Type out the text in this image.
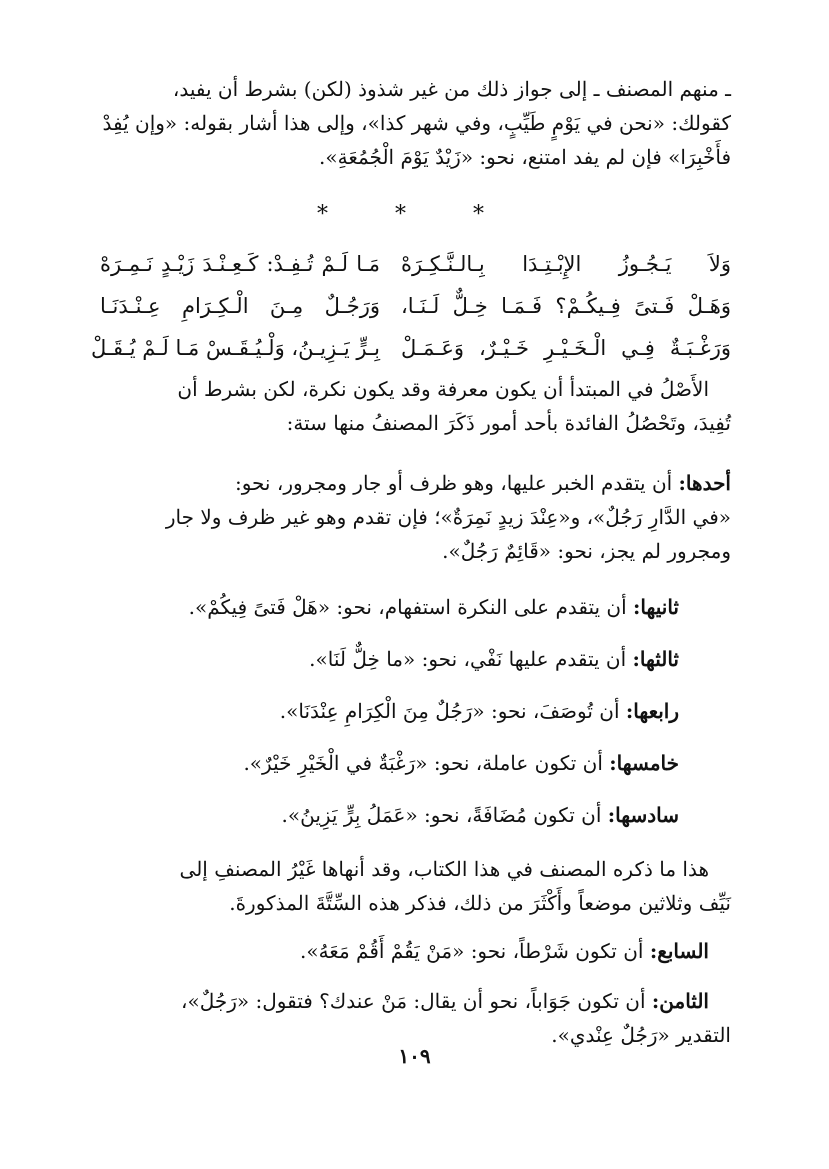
ـ منهم المصنف ـ إلى جواز ذلك من غير شذوذ (لكن) بشرط أن يفيد،
كقولك: «نحن في يَوْمٍ طَيِّبٍ، وفي شهر كذا»، وإلى هذا أشار بقوله: «وإن يُفِدْ
فأَخْبِرَا» فإن لم يفد امتنع، نحو: «زَيْدٌ يَوْمَ الْجُمُعَةِ».
* * *
وَلاَ يَـجُـوزُ الإِبْـتِـدَا بِـالـنَّـكِـرَهْ
مَـا لَـمْ تُـفِـدْ: كَـعِـنْـدَ زَيْـدٍ نَـمِـرَهْ
وَهَـلْ فَـتىً فِـيكُـمْ؟ فَـمَـا خِـلٌّ لَـنَـا،
وَرَجُـلٌ مِـنَ الْـكِـرَامِ عِـنْـدَنَـا
وَرَغْـبَـةٌ فِـي الْـخَـيْـرِ خَـيْـرٌ، وَعَـمَـلْ
بِـرٍّ يَـزِيـنُ، وَلْـيُـقَـسْ مَـا لَـمْ يُـقَـلْ
الأَصْلُ في المبتدأ أن يكون معرفة وقد يكون نكرة، لكن بشرط أن
تُفِيدَ، وتَحْصُلُ الفائدة بأحد أمور ذَكَرَ المصنفُ منها ستة:
أحدها: أن يتقدم الخبر عليها، وهو ظرف أو جار ومجرور، نحو:
«في الدَّارِ رَجُلٌ»، و«عِنْدَ زيدٍ نَمِرَةٌ»؛ فإن تقدم وهو غير ظرف ولا جار
ومجرور لم يجز، نحو: «قَائِمٌ رَجُلٌ».
ثانيها: أن يتقدم على النكرة استفهام، نحو: «هَلْ فَتىً فِيكُمْ».
ثالثها: أن يتقدم عليها نَفْي، نحو: «ما خِلٌّ لَنَا».
رابعها: أن تُوصَفَ، نحو: «رَجُلٌ مِنَ الْكِرَامِ عِنْدَنَا».
خامسها: أن تكون عاملة، نحو: «رَغْبَةٌ في الْخَيْرِ خَيْرٌ».
سادسها: أن تكون مُضَافَةً، نحو: «عَمَلُ بِرٍّ يَزِينُ».
هذا ما ذكره المصنف في هذا الكتاب، وقد أنهاها غَيْرُ المصنفِ إلى
نَيِّف وثلاثين موضعاً وأَكْثَرَ من ذلك، فذكر هذه السِّتَّةَ المذكورةَ.
السابع: أن تكون شَرْطاً، نحو: «مَنْ يَقُمْ أَقُمْ مَعَهُ».
الثامن: أن تكون جَوَاباً، نحو أن يقال: مَنْ عندك؟ فتقول: «رَجُلٌ»،
التقدير «رَجُلٌ عِنْدي».
١٠٩
